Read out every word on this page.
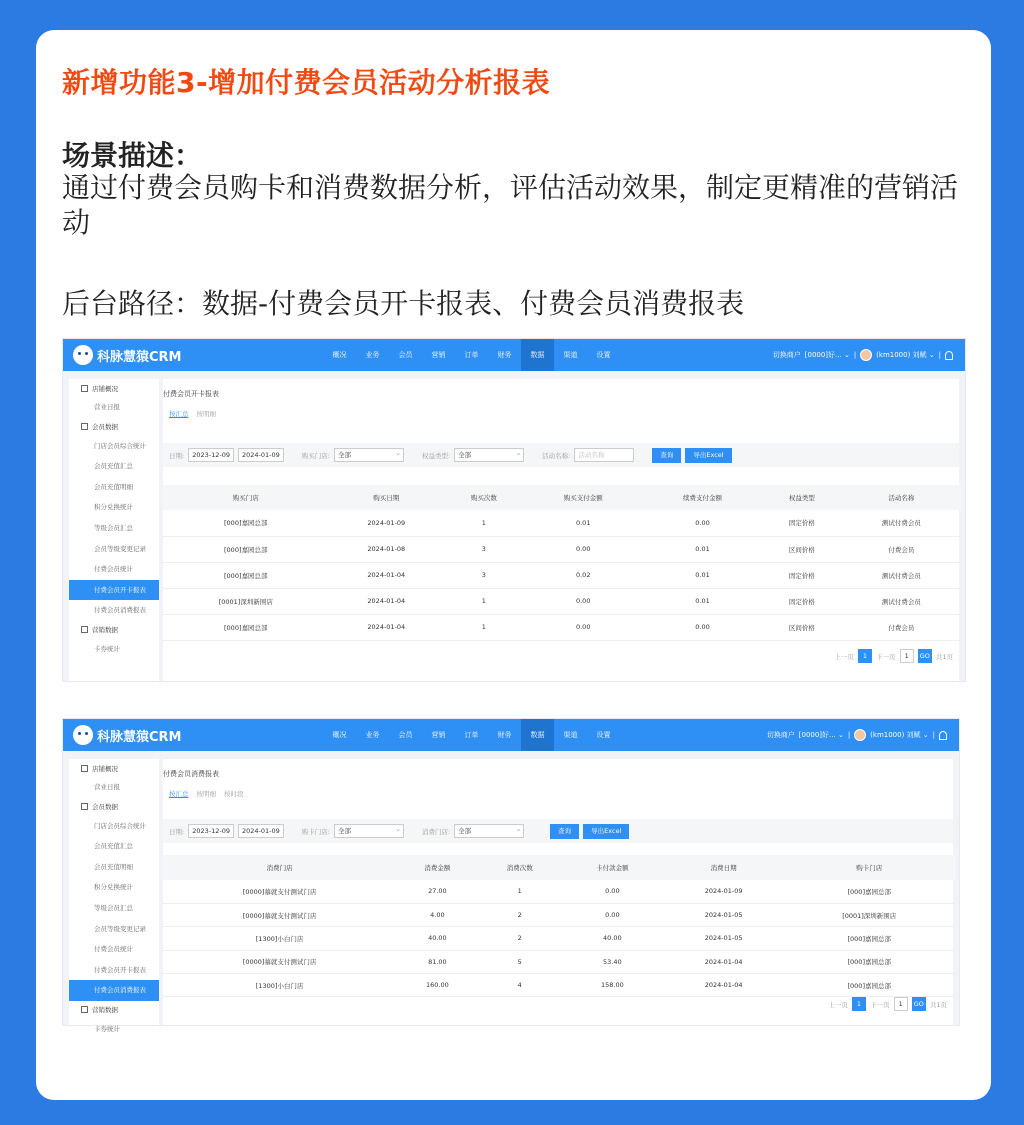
新增功能3-增加付费会员活动分析报表
场景描述：
通过付费会员购卡和消费数据分析，评估活动效果，制定更精准的营销活动
后台路径：数据-付费会员开卡报表、付费会员消费报表
科脉慧猿CRM	概况	业务	会员	营销	订单	财务	数据	渠道	设置	切换商户 [0000]好... ⌄ |	(km1000) 刘赋 ⌄ |
店铺概况
营业日报
会员数据
门店会员综合统计
会员充值汇总
会员充值明细
积分兑换统计
等级会员汇总
会员等级变更记录
付费会员统计
付费会员开卡报表
付费会员消费报表
营销数据
卡券统计
付费会员开卡报表
按汇总 按明细
日期:	2023-12-09	2024-01-09	购买门店:	全部 ⌄	权益类型:	全部 ⌄	活动名称:	活动名称	查询	导出Excel
购买门店	购买日期	购买次数	购买支付金额	续费支付金额	权益类型	活动名称
[000]嘉园总部	2024-01-09	1	0.01	0.00	固定价格	测试付费会员
[000]嘉园总部	2024-01-08	3	0.00	0.01	区间价格	付费会员
[000]嘉园总部	2024-01-04	3	0.02	0.01	固定价格	测试付费会员
[0001]深圳新围店	2024-01-04	1	0.00	0.01	固定价格	测试付费会员
[000]嘉园总部	2024-01-04	1	0.00	0.00	区间价格	付费会员
上一页	1	下一页	1	GO 共1页
科脉慧猿CRM	概况	业务	会员	营销	订单	财务	数据	渠道	设置	切换商户 [0000]好... ⌄ |	(km1000) 刘赋 ⌄ |
店铺概况
营业日报
会员数据
门店会员综合统计
会员充值汇总
会员充值明细
积分兑换统计
等级会员汇总
会员等级变更记录
付费会员统计
付费会员开卡报表
付费会员消费报表
营销数据
卡券统计
付费会员消费报表
按汇总 按明细 按时段
日期:	2023-12-09	2024-01-09	购卡门店:	全部 ⌄	消费门店:	全部 ⌄	查询	导出Excel
消费门店	消费金额	消费次数	卡付款金额	消费日期	购卡门店
[0000]慕就支付测试门店	27.00	1	0.00	2024-01-09	[000]嘉园总部
[0000]慕就支付测试门店	4.00	2	0.00	2024-01-05	[0001]深圳新围店
[1300]小白门店	40.00	2	40.00	2024-01-05	[000]嘉园总部
[0000]慕就支付测试门店	81.00	5	53.40	2024-01-04	[000]嘉园总部
[1300]小白门店	160.00	4	158.00	2024-01-04	[000]嘉园总部
上一页	1	下一页	1	GO 共1页
